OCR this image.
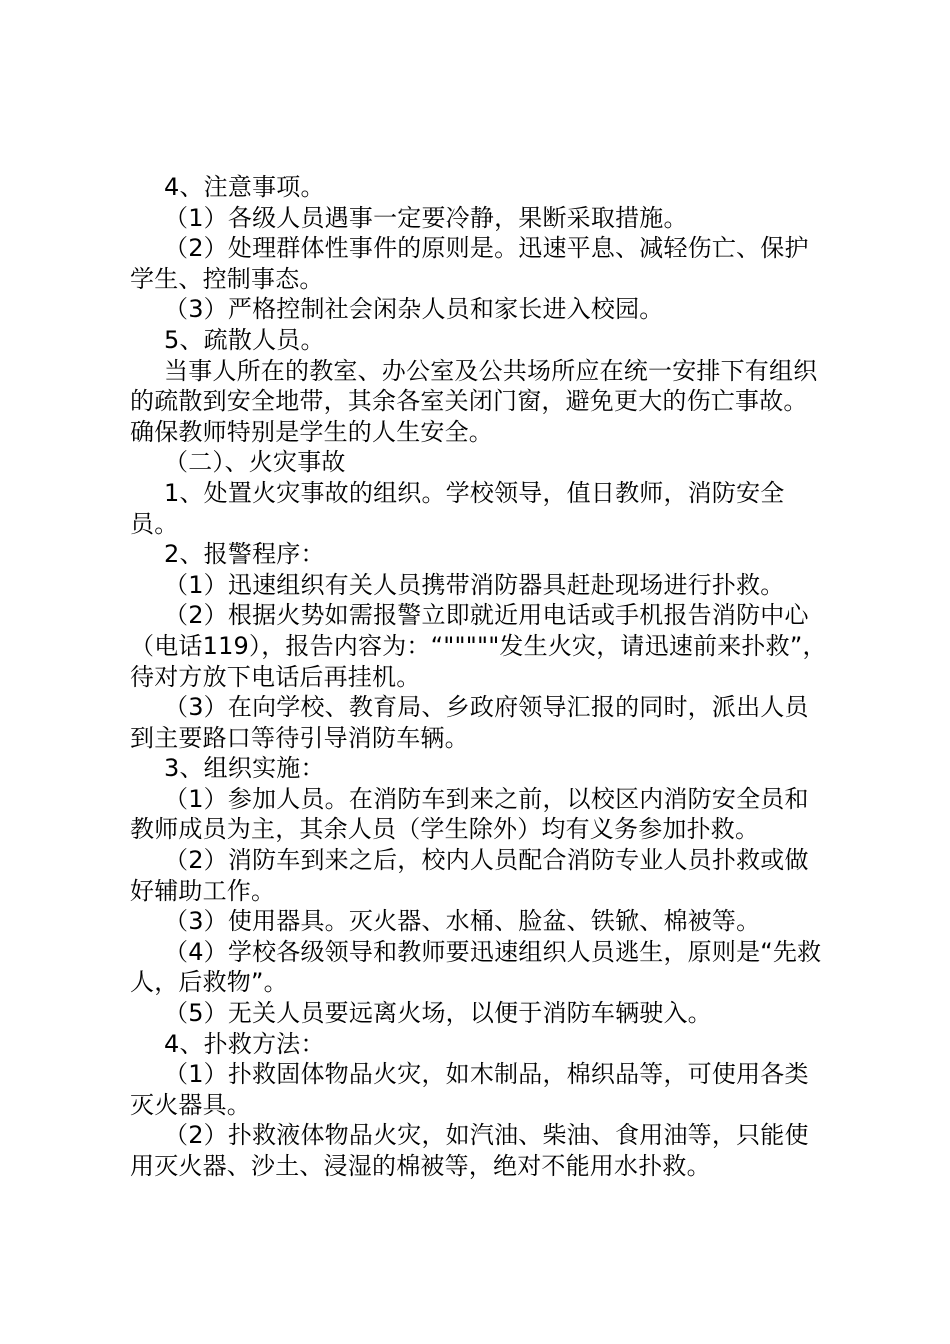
4、注意事项。

（1）各级人员遇事一定要冷静，果断采取措施。

（2）处理群体性事件的原则是。迅速平息、减轻伤亡、保护学生、控制事态。

（3）严格控制社会闲杂人员和家长进入校园。

5、疏散人员。

当事人所在的教室、办公室及公共场所应在统一安排下有组织的疏散到安全地带，其余各室关闭门窗，避免更大的伤亡事故。确保教师特别是学生的人生安全。

（二）、火灾事故

1、处置火灾事故的组织。学校领导，值日教师，消防安全员。

2、报警程序：

（1）迅速组织有关人员携带消防器具赶赴现场进行扑救。

（2）根据火势如需报警立即就近用电话或手机报告消防中心（电话119），报告内容为：“"""""发生火灾，请迅速前来扑救”，待对方放下电话后再挂机。

（3）在向学校、教育局、乡政府领导汇报的同时，派出人员到主要路口等待引导消防车辆。

3、组织实施：

（1）参加人员。在消防车到来之前，以校区内消防安全员和教师成员为主，其余人员（学生除外）均有义务参加扑救。

（2）消防车到来之后，校内人员配合消防专业人员扑救或做好辅助工作。

（3）使用器具。灭火器、水桶、脸盆、铁锨、棉被等。

（4）学校各级领导和教师要迅速组织人员逃生，原则是“先救人，后救物”。

（5）无关人员要远离火场，以便于消防车辆驶入。

4、扑救方法：

（1）扑救固体物品火灾，如木制品，棉织品等，可使用各类灭火器具。

（2）扑救液体物品火灾，如汽油、柴油、食用油等，只能使用灭火器、沙土、浸湿的棉被等，绝对不能用水扑救。
